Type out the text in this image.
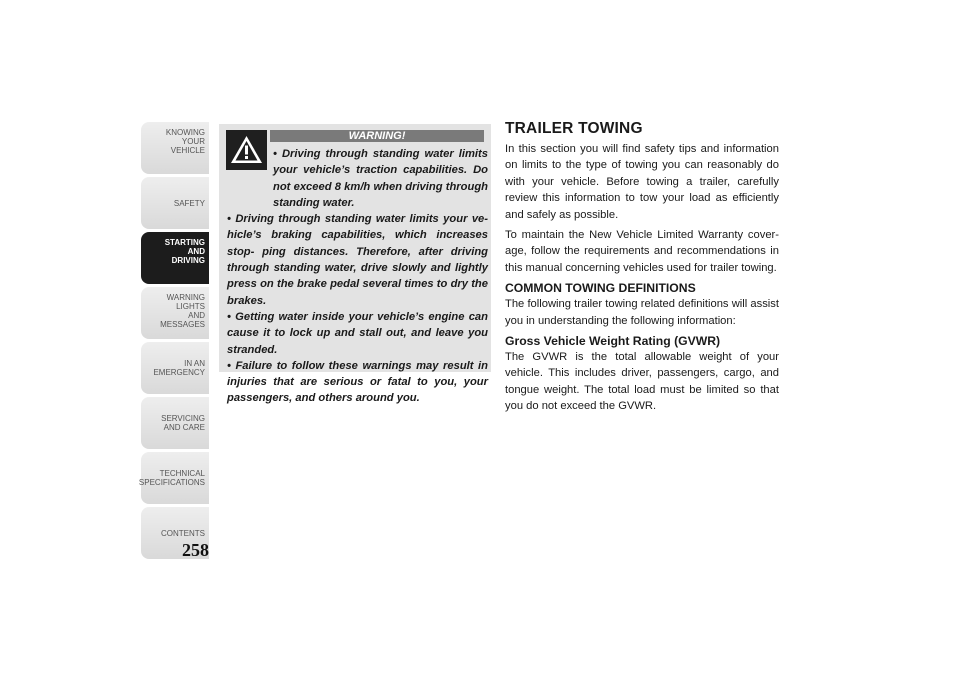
KNOWING
YOUR
VEHICLE
SAFETY
STARTING
AND
DRIVING
WARNING
LIGHTS
AND
MESSAGES
IN AN
EMERGENCY
SERVICING
AND CARE
TECHNICAL
SPECIFICATIONS
CONTENTS
258
WARNING!

• Driving through standing water limits your vehicle’s traction capabilities. Do not exceed 8 km/h when driving through standing water.

• Driving through standing water limits your ve- hicle’s braking capabilities, which increases stop- ping distances. Therefore, after driving through standing water, drive slowly and lightly press on the brake pedal several times to dry the brakes.

• Getting water inside your vehicle’s engine can cause it to lock up and stall out, and leave you stranded.

• Failure to follow these warnings may result in injuries that are serious or fatal to you, your passengers, and others around you.

TRAILER TOWING

In this section you will find safety tips and information on limits to the type of towing you can reasonably do with your vehicle. Before towing a trailer, carefully review this information to tow your load as efficiently and safely as possible.

To maintain the New Vehicle Limited Warranty cover- age, follow the requirements and recommendations in this manual concerning vehicles used for trailer towing.

COMMON TOWING DEFINITIONS

The following trailer towing related definitions will assist you in understanding the following information:

Gross Vehicle Weight Rating (GVWR)

The GVWR is the total allowable weight of your vehicle. This includes driver, passengers, cargo, and tongue weight. The total load must be limited so that you do not exceed the GVWR.
